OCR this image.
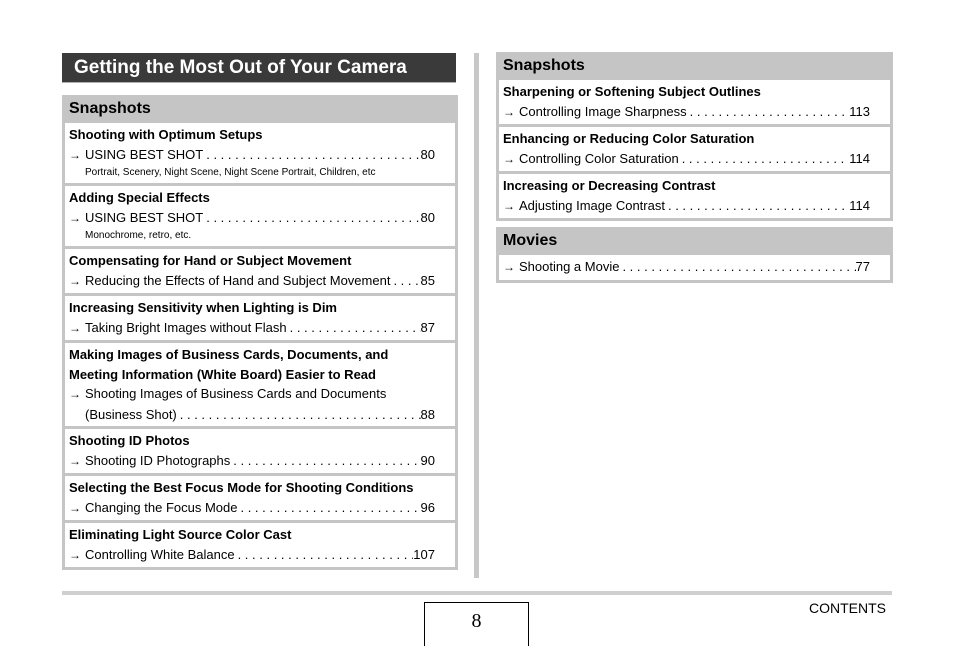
Getting the Most Out of Your Camera
Snapshots
Shooting with Optimum Setups
→ USING BEST SHOT . . .	80
Portrait, Scenery, Night Scene, Night Scene Portrait, Children, etc
Adding Special Effects
→ USING BEST SHOT . . .	80
Monochrome, retro, etc.
Compensating for Hand or Subject Movement
→ Reducing the Effects of Hand and Subject Movement . . . 85
Increasing Sensitivity when Lighting is Dim
→ Taking Bright Images without Flash . . .	87
Making Images of Business Cards, Documents, and
Meeting Information (White Board) Easier to Read
→ Shooting Images of Business Cards and Documents
(Business Shot) . . .	88
Shooting ID Photos
→ Shooting ID Photographs . . .	90
Selecting the Best Focus Mode for Shooting Conditions
→ Changing the Focus Mode . . .	96
Eliminating Light Source Color Cast
→ Controlling White Balance . . .	107
Snapshots
Sharpening or Softening Subject Outlines
→ Controlling Image Sharpness . . .	113
Enhancing or Reducing Color Saturation
→ Controlling Color Saturation . . .	114
Increasing or Decreasing Contrast
→ Adjusting Image Contrast . . .	114
Movies
→ Shooting a Movie . . .	77
8
CONTENTS
